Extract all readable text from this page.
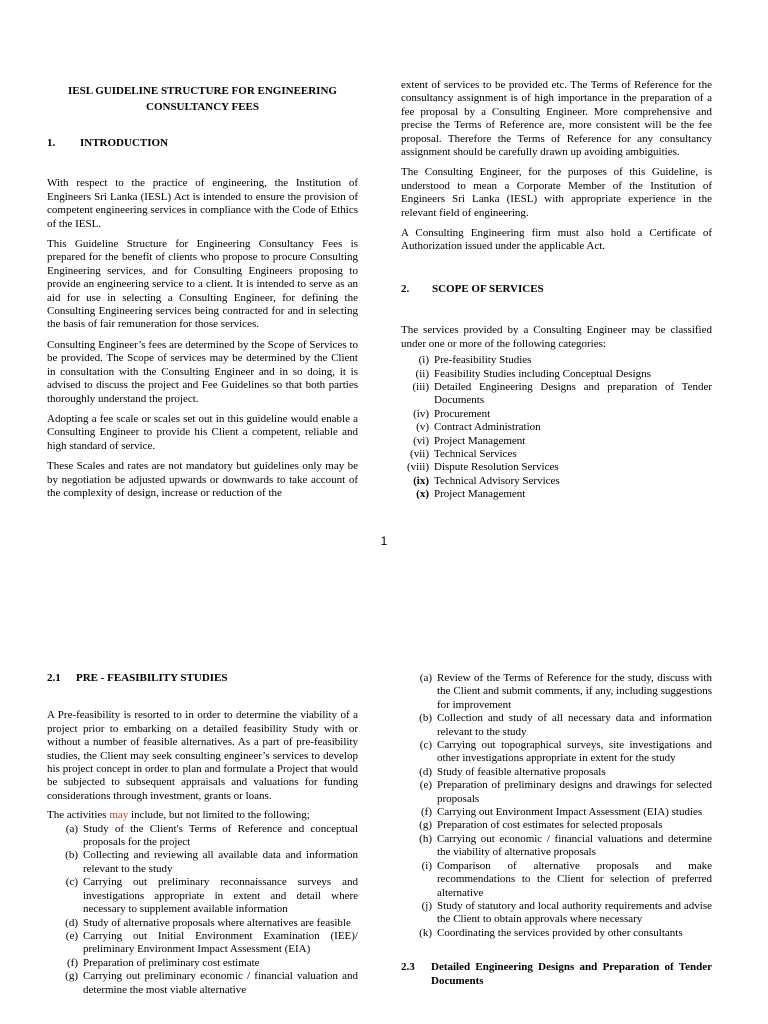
IESL GUIDELINE STRUCTURE FOR ENGINEERING
CONSULTANCY FEES
1.	INTRODUCTION

With respect to the practice of engineering, the Institution of Engineers Sri Lanka (IESL) Act is intended to ensure the provision of competent engineering services in compliance with the Code of Ethics of the IESL.

This Guideline Structure for Engineering Consultancy Fees is prepared for the benefit of clients who propose to procure Consulting Engineering services, and for Consulting Engineers proposing to provide an engineering service to a client. It is intended to serve as an aid for use in selecting a Consulting Engineer, for defining the Consulting Engineering services being contracted for and in selecting the basis of fair remuneration for those services.

Consulting Engineer’s fees are determined by the Scope of Services to be provided. The Scope of services may be determined by the Client in consultation with the Consulting Engineer and in so doing, it is advised to discuss the project and Fee Guidelines so that both parties thoroughly understand the project.

Adopting a fee scale or scales set out in this guideline would enable a Consulting Engineer to provide his Client a competent, reliable and high standard of service.

These Scales and rates are not mandatory but guidelines only may be by negotiation be adjusted upwards or downwards to take account of the complexity of design, increase or reduction of the

extent of services to be provided etc. The Terms of Reference for the consultancy assignment is of high importance in the preparation of a fee proposal by a Consulting Engineer. More comprehensive and precise the Terms of Reference are, more consistent will be the fee proposal. Therefore the Terms of Reference for any consultancy assignment should be carefully drawn up avoiding ambiguities.

The Consulting Engineer, for the purposes of this Guideline, is understood to mean a Corporate Member of the Institution of Engineers Sri Lanka (IESL) with appropriate experience in the relevant field of engineering.

A Consulting Engineering firm must also hold a Certificate of Authorization issued under the applicable Act.

2.	SCOPE OF SERVICES

The services provided by a Consulting Engineer may be classified under one or more of the following categories:

(i) Pre-feasibility Studies
(ii) Feasibility Studies including Conceptual Designs
(iii) Detailed Engineering Designs and preparation of Tender Documents
(iv) Procurement
(v) Contract Administration
(vi) Project Management
(vii) Technical Services
(viii) Dispute Resolution Services
(ix) Technical Advisory Services
(x) Project Management
1
2.1	PRE - FEASIBILITY STUDIES

A Pre-feasibility is resorted to in order to determine the viability of a project prior to embarking on a detailed feasibility Study with or without a number of feasible alternatives. As a part of pre-feasibility studies, the Client may seek consulting engineer’s services to develop his project concept in order to plan and formulate a Project that would be subjected to subsequent appraisals and valuations for funding considerations through investment, grants or loans.

The activities may include, but not limited to the following;
(a) Study of the Client's Terms of Reference and conceptual proposals for the project
(b) Collecting and reviewing all available data and information relevant to the study
(c) Carrying out preliminary reconnaissance surveys and investigations appropriate in extent and detail where necessary to supplement available information
(d) Study of alternative proposals where alternatives are feasible
(e) Carrying out Initial Environment Examination (IEE)/ preliminary Environment Impact Assessment (EIA)
(f) Preparation of preliminary cost estimate
(g) Carrying out preliminary economic / financial valuation and determine the most viable alternative
(a) Review of the Terms of Reference for the study, discuss with the Client and submit comments, if any, including suggestions for improvement
(b) Collection and study of all necessary data and information relevant to the study
(c) Carrying out topographical surveys, site investigations and other investigations appropriate in extent for the study
(d) Study of feasible alternative proposals
(e) Preparation of preliminary designs and drawings for selected proposals
(f) Carrying out Environment Impact Assessment (EIA) studies
(g) Preparation of cost estimates for selected proposals
(h) Carrying out economic / financial valuations and determine the viability of alternative proposals
(i) Comparison of alternative proposals and make recommendations to the Client for selection of preferred alternative
(j) Study of statutory and local authority requirements and advise the Client to obtain approvals where necessary
(k) Coordinating the services provided by other consultants
2.3	Detailed Engineering Designs and Preparation of Tender Documents
